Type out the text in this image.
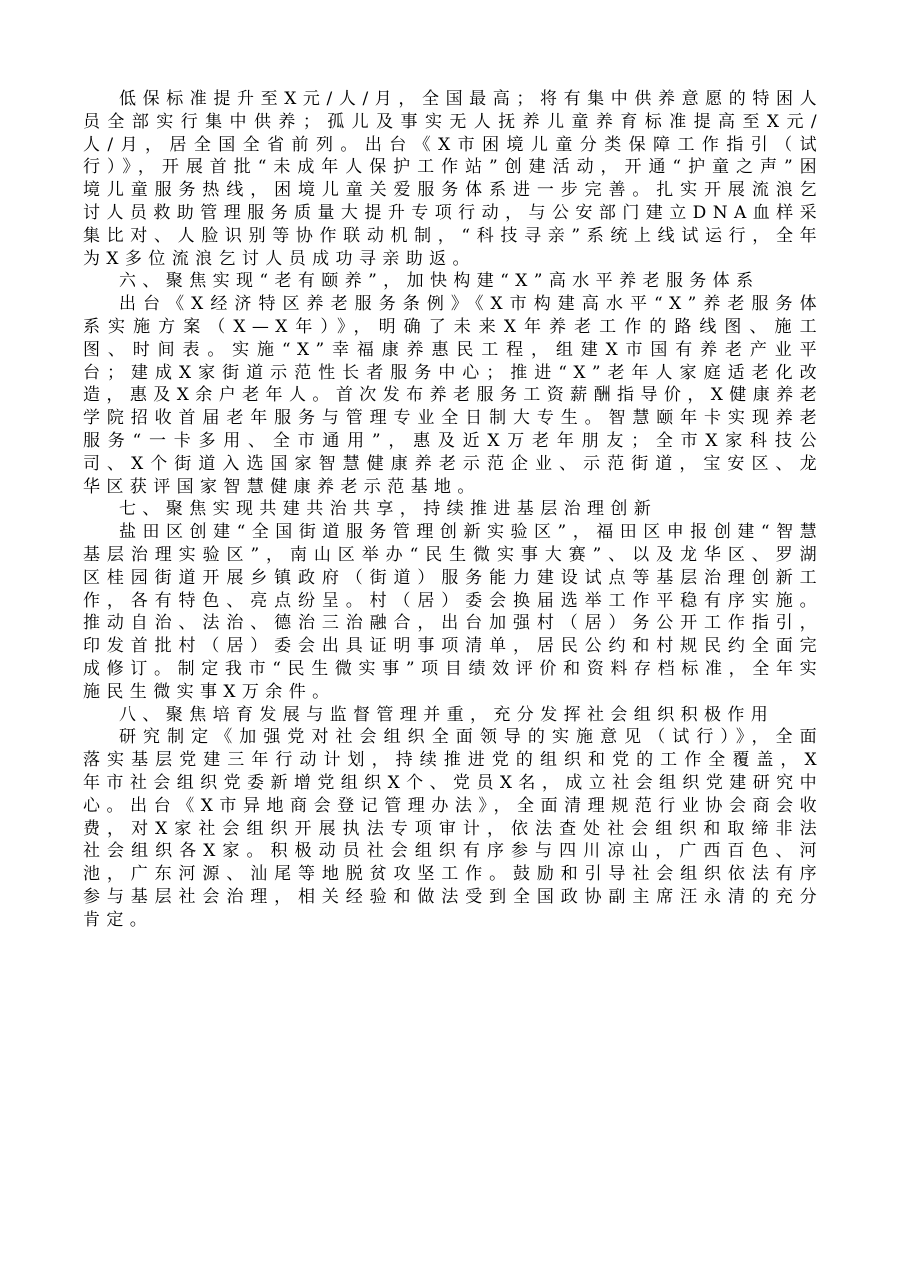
低保标准提升至X元/人/月，全国最高；将有集中供养意愿的特困人员全部实行集中供养；孤儿及事实无人抚养儿童养育标准提高至X元/人/月，居全国全省前列。出台《X市困境儿童分类保障工作指引（试行）》，开展首批“未成年人保护工作站”创建活动，开通“护童之声”困境儿童服务热线，困境儿童关爱服务体系进一步完善。扎实开展流浪乞讨人员救助管理服务质量大提升专项行动，与公安部门建立DNA血样采集比对、人脸识别等协作联动机制，“科技寻亲”系统上线试运行，全年为X多位流浪乞讨人员成功寻亲助返。

六、聚焦实现“老有颐养”，加快构建“X”高水平养老服务体系

出台《X经济特区养老服务条例》《X市构建高水平“X”养老服务体系实施方案（X—X年）》，明确了未来X年养老工作的路线图、施工图、时间表。实施“X”幸福康养惠民工程，组建X市国有养老产业平台；建成X家街道示范性长者服务中心；推进“X”老年人家庭适老化改造，惠及X余户老年人。首次发布养老服务工资薪酬指导价，X健康养老学院招收首届老年服务与管理专业全日制大专生。智慧颐年卡实现养老服务“一卡多用、全市通用”，惠及近X万老年朋友；全市X家科技公司、X个街道入选国家智慧健康养老示范企业、示范街道，宝安区、龙华区获评国家智慧健康养老示范基地。

七、聚焦实现共建共治共享，持续推进基层治理创新

盐田区创建“全国街道服务管理创新实验区”，福田区申报创建“智慧基层治理实验区”，南山区举办“民生微实事大赛”、以及龙华区、罗湖区桂园街道开展乡镇政府（街道）服务能力建设试点等基层治理创新工作，各有特色、亮点纷呈。村（居）委会换届选举工作平稳有序实施。推动自治、法治、德治三治融合，出台加强村（居）务公开工作指引，印发首批村（居）委会出具证明事项清单，居民公约和村规民约全面完成修订。制定我市“民生微实事”项目绩效评价和资料存档标准，全年实施民生微实事X万余件。

八、聚焦培育发展与监督管理并重，充分发挥社会组织积极作用

研究制定《加强党对社会组织全面领导的实施意见（试行）》，全面落实基层党建三年行动计划，持续推进党的组织和党的工作全覆盖，X年市社会组织党委新增党组织X个、党员X名，成立社会组织党建研究中心。出台《X市异地商会登记管理办法》，全面清理规范行业协会商会收费，对X家社会组织开展执法专项审计，依法查处社会组织和取缔非法社会组织各X家。积极动员社会组织有序参与四川凉山，广西百色、河池，广东河源、汕尾等地脱贫攻坚工作。鼓励和引导社会组织依法有序参与基层社会治理，相关经验和做法受到全国政协副主席汪永清的充分肯定。
